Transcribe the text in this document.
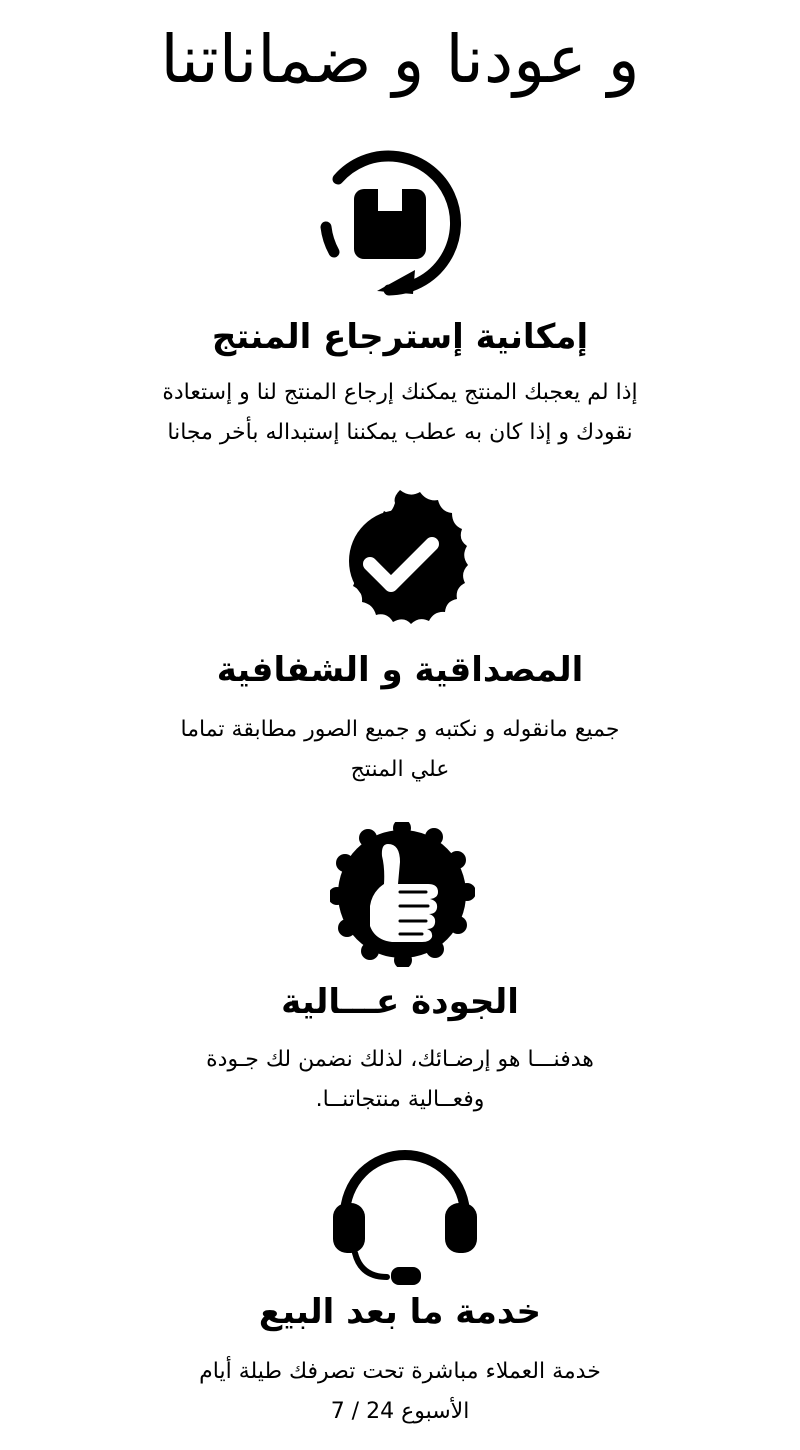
و عودنا و ضماناتنا
إمكانية إسترجاع المنتج

إذا لم يعجبك المنتج يمكنك إرجاع المنتج لنا و إستعادة
نقودك و إذا كان به عطب يمكننا إستبداله بأخر مجانا

المصداقية و الشفافية

جميع مانقوله و نكتبه و جميع الصور مطابقة تماما
علي المنتج

الجودة عـــالية

هدفنـــا هو إرضـائك، لذلك نضمن لك جـودة
وفعــالية منتجاتنــا.

خدمة ما بعد البيع

خدمة العملاء مباشرة تحت تصرفك طيلة أيام
الأسبوع 24 / 7
